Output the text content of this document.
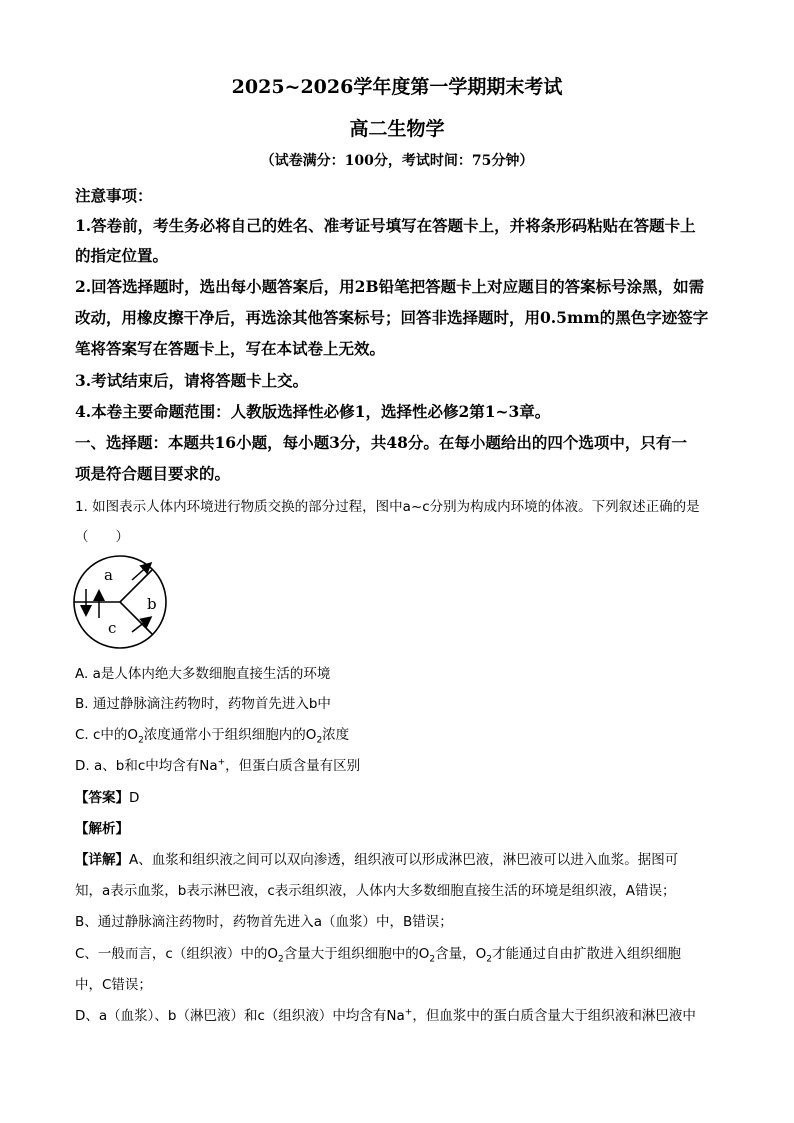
2025~2026学年度第一学期期末考试
高二生物学
（试卷满分：100分，考试时间：75分钟）
注意事项：
1.答卷前，考生务必将自己的姓名、准考证号填写在答题卡上，并将条形码粘贴在答题卡上
的指定位置。
2.回答选择题时，选出每小题答案后，用2B铅笔把答题卡上对应题目的答案标号涂黑，如需
改动，用橡皮擦干净后，再选涂其他答案标号；回答非选择题时，用0.5mm的黑色字迹签字
笔将答案写在答题卡上，写在本试卷上无效。
3.考试结束后，请将答题卡上交。
4.本卷主要命题范围：人教版选择性必修1，选择性必修2第1~3章。
一、选择题：本题共16小题，每小题3分，共48分。在每小题给出的四个选项中，只有一
项是符合题目要求的。
1. 如图表示人体内环境进行物质交换的部分过程，图中a~c分别为构成内环境的体液。下列叙述正确的是
（　　）
a
b
c
A. a是人体内绝大多数细胞直接生活的环境
B. 通过静脉滴注药物时，药物首先进入b中
C. c中的$O_2$浓度通常小于组织细胞内的$O_2$浓度
D. a、b和c中均含有Na+，但蛋白质含量有区别
【答案】D
【解析】
【详解】A、血浆和组织液之间可以双向渗透，组织液可以形成淋巴液，淋巴液可以进入血浆。据图可
知，a表示血浆，b表示淋巴液，c表示组织液，人体内大多数细胞直接生活的环境是组织液，A错误；
B、通过静脉滴注药物时，药物首先进入a（血浆）中，B错误；
C、一般而言，c（组织液）中的$O_2$含量大于组织细胞中的$O_2$含量，$O_2$才能通过自由扩散进入组织细胞
中，C错误；
D、a（血浆）、b（淋巴液）和c（组织液）中均含有Na+，但血浆中的蛋白质含量大于组织液和淋巴液中
